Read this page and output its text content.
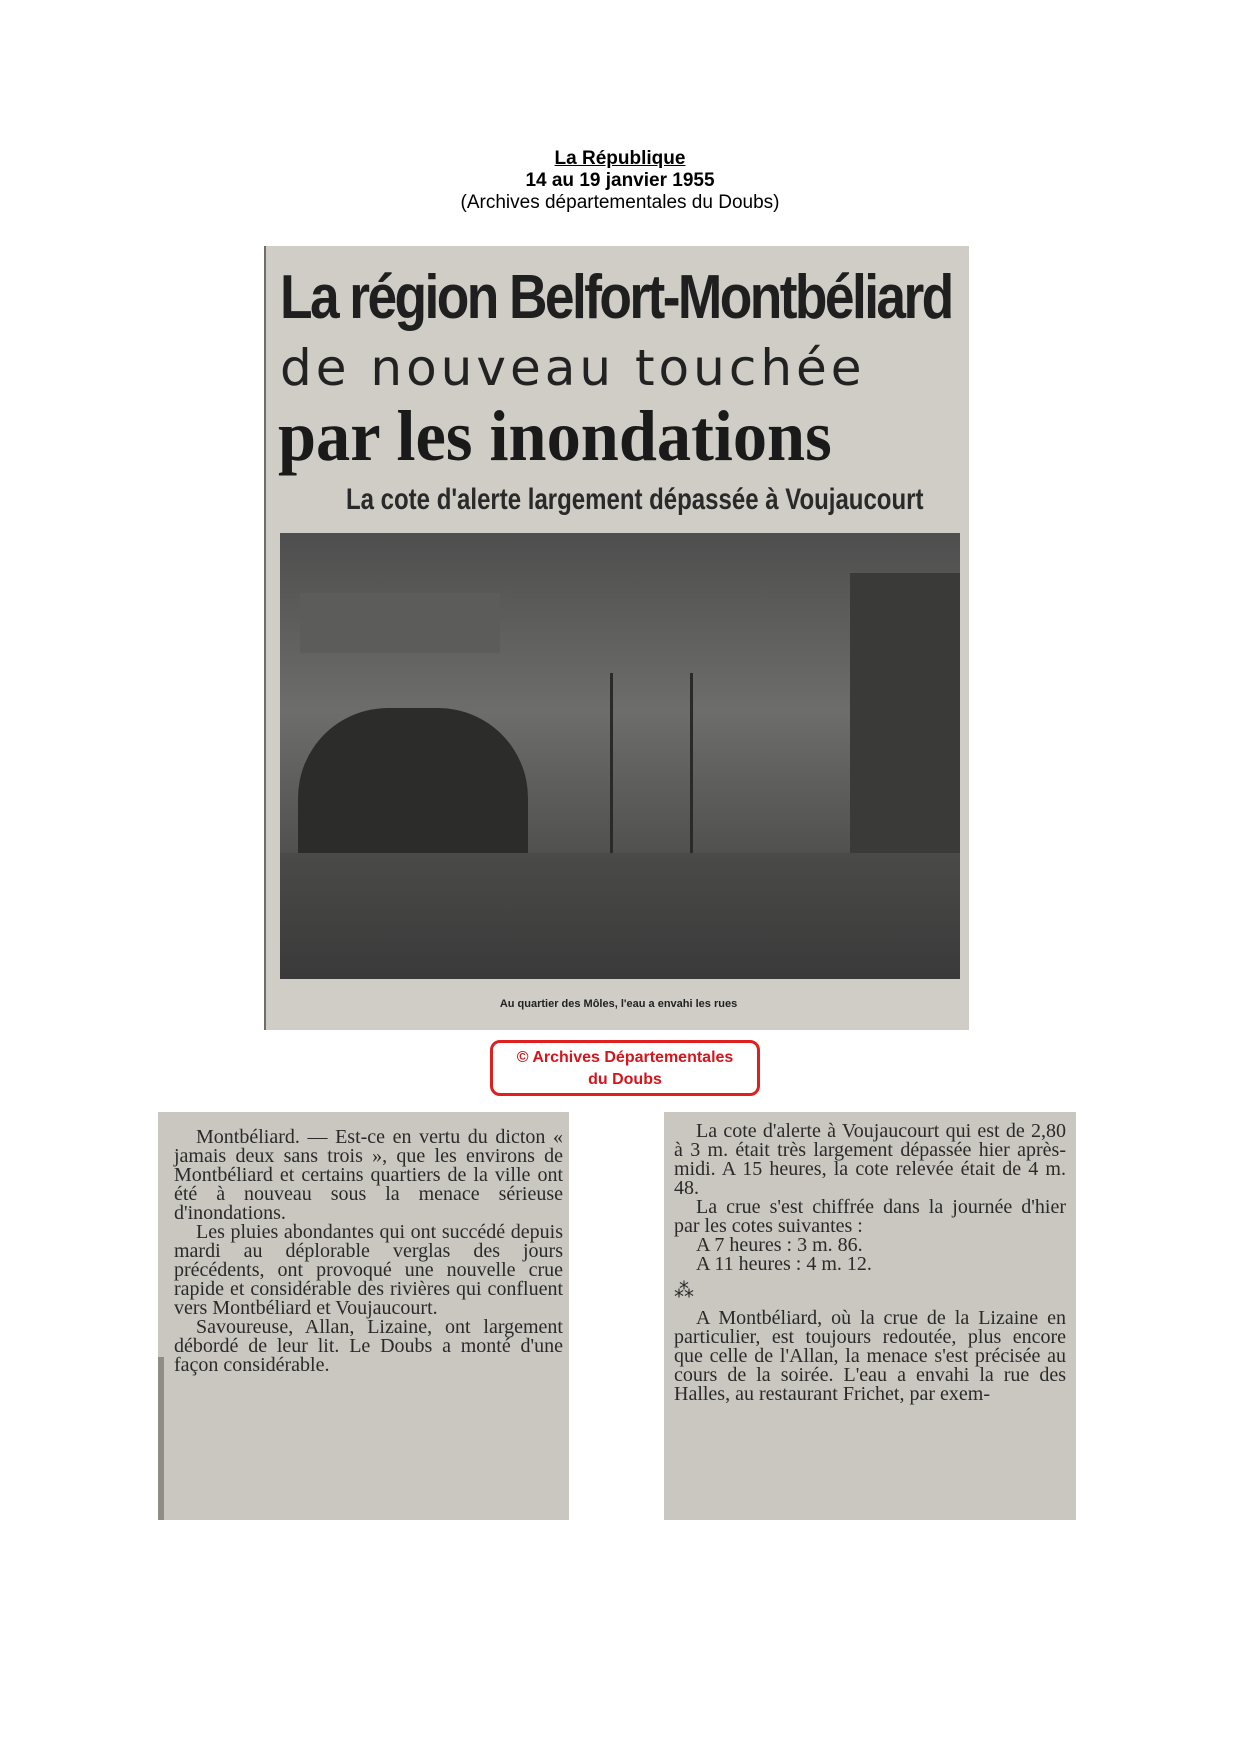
La République
14 au 19 janvier 1955
(Archives départementales du Doubs)
La région Belfort-Montbéliard
de nouveau touchée
par les inondations
La cote d'alerte largement dépassée à Voujaucourt
Au quartier des Môles, l'eau a envahi les rues
© Archives Départementales
du Doubs

Montbéliard. — Est-ce en vertu du dicton « jamais deux sans trois », que les environs de Montbéliard et certains quartiers de la ville ont été à nouveau sous la menace sérieuse d'inondations.

Les pluies abondantes qui ont succédé depuis mardi au déplorable verglas des jours précédents, ont provoqué une nouvelle crue rapide et considérable des rivières qui confluent vers Montbéliard et Voujaucourt.

Savoureuse, Allan, Lizaine, ont largement débordé de leur lit. Le Doubs a monté d'une façon considérable.

La cote d'alerte à Voujaucourt qui est de 2,80 à 3 m. était très largement dépassée hier après-midi. A 15 heures, la cote relevée était de 4 m. 48.

La crue s'est chiffrée dans la journée d'hier par les cotes suivantes :

A 7 heures : 3 m. 86.

A 11 heures : 4 m. 12.

⁂

A Montbéliard, où la crue de la Lizaine en particulier, est toujours redoutée, plus encore que celle de l'Allan, la menace s'est précisée au cours de la soirée. L'eau a envahi la rue des Halles, au restaurant Frichet, par exem-
